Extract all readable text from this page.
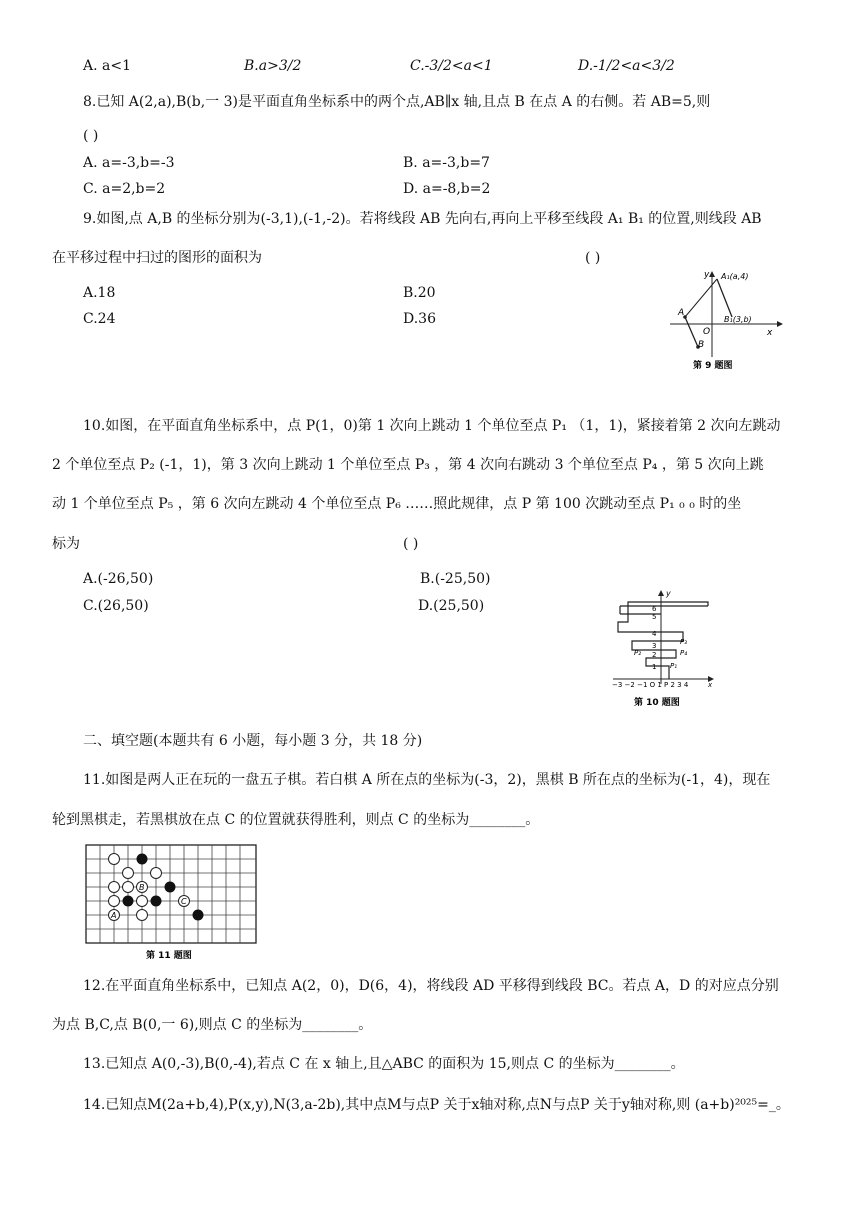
A. a<1	B.a>3/2	C.-3/2<a<1	D.-1/2<a<3/2
8.已知 A(2,a),B(b,一 3)是平面直角坐标系中的两个点,AB∥x 轴,且点 B 在点 A 的右侧。若 AB=5,则
( )
A. a=-3,b=-3	B. a=-3,b=7
C. a=2,b=2	D. a=-8,b=2
9.如图,点 A,B 的坐标分别为(-3,1),(-1,-2)。若将线段 AB 先向右,再向上平移至线段 A₁ B₁ 的位置,则线段 AB
在平移过程中扫过的图形的面积为	( )
A.18	B.20
C.24	D.36
y A₁(a,4)
A
B₁(3,b)
O	x
B
第 9 题图
10.如图，在平面直角坐标系中，点 P(1，0)第 1 次向上跳动 1 个单位至点 P₁ （1，1)，紧接着第 2 次向左跳动
2 个单位至点 P₂ (-1，1)，第 3 次向上跳动 1 个单位至点 P₃ ，第 4 次向右跳动 3 个单位至点 P₄ ，第 5 次向上跳
动 1 个单位至点 P₅ ，第 6 次向左跳动 4 个单位至点 P₆ ……照此规律，点 P 第 100 次跳动至点 P₁ ₀ ₀ 时的坐
标为	( )
A.(-26,50)	B.(-25,50)
C.(26,50)	D.(25,50)	6
5
4
3
2
1
y
P₃
P₄
P₂
P₁
−3 −2 −1 O 1 P 2 3 4	x
第 10 题图
二、填空题(本题共有 6 小题，每小题 3 分，共 18 分)
11.如图是两人正在玩的一盘五子棋。若白棋 A 所在点的坐标为(-3，2)，黑棋 B 所在点的坐标为(-1，4)，现在
轮到黑棋走，若黑棋放在点 C 的位置就获得胜利，则点 C 的坐标为________。
A
B
C
第 11 题图
12.在平面直角坐标系中，已知点 A(2，0)，D(6，4)，将线段 AD 平移得到线段 BC。若点 A，D 的对应点分别
为点 B,C,点 B(0,一 6),则点 C 的坐标为________。
13.已知点 A(0,-3),B(0,-4),若点 C 在 x 轴上,且△ABC 的面积为 15,则点 C 的坐标为________。
14.已知点M(2a+b,4),P(x,y),N(3,a-2b),其中点M与点P 关于x轴对称,点N与点P 关于y轴对称,则 (a+b)²⁰²⁵=_。
